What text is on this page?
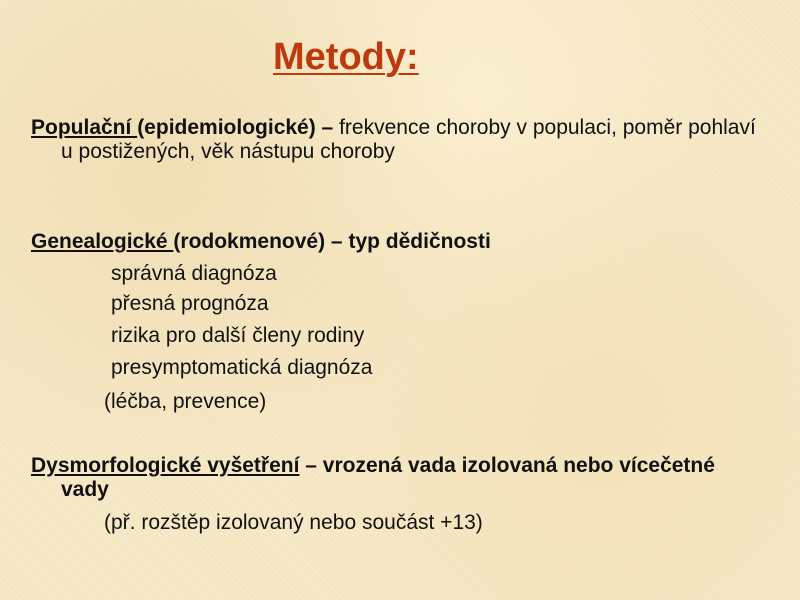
Metody:
Populační (epidemiologické) – frekvence choroby v populaci, poměr pohlaví u postižených, věk nástupu choroby
Genealogické (rodokmenové) – typ dědičnosti
správná diagnóza
přesná prognóza
rizika pro další členy rodiny
presymptomatická diagnóza
(léčba, prevence)
Dysmorfologické vyšetření – vrozená vada izolovaná nebo vícečetné vady
(př. rozštěp izolovaný nebo součást +13)
